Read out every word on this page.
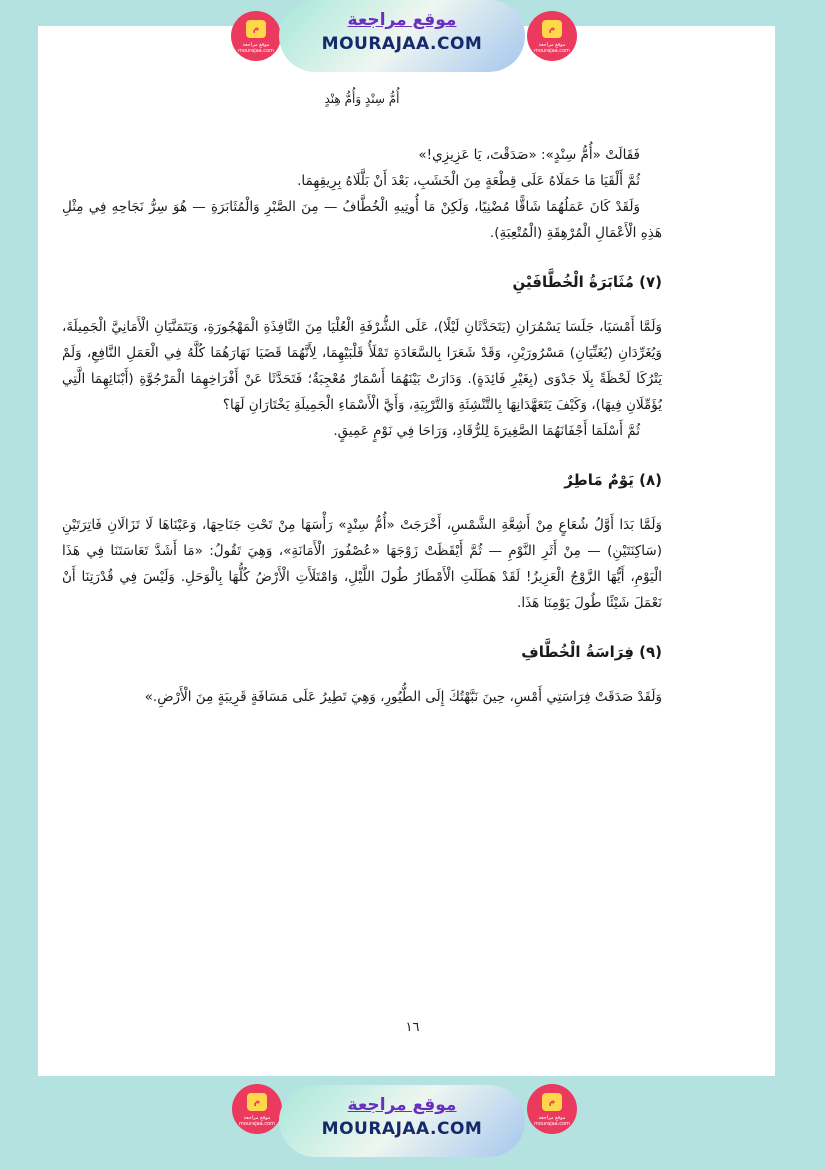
م
موقع مراجعة mourajaa.com
موقع مراجعة
MOURAJAA.COM
م
موقع مراجعة mourajaa.com
أُمُّ سِنْدٍ وَأُمُّ هِنْدٍ

فَقَالَتْ «أُمُّ سِنْدٍ»: «صَدَقْتَ، يَا عَزِيزِي!»

ثُمَّ أَلْقَيَا مَا حَمَلَاهُ عَلَى قِطْعَةٍ مِنَ الْخَشَبِ، بَعْدَ أَنْ بَلَّلَاهُ بِرِيقِهِمَا.

وَلَقَدْ كَانَ عَمَلُهُمَا شَاقًّا مُضْنِيًا، وَلَكِنْ مَا أُوتِيهِ الْخُطَّافُ — مِنَ الصَّبْرِ وَالْمُثَابَرَةِ — هُوَ سِرُّ نَجَاحِهِ فِي مِثْلِ هَذِهِ الْأَعْمَالِ الْمُرْهِقَةِ (الْمُتْعِبَةِ).

(٧) مُثَابَرَةُ الْخُطَّافَيْنِ

وَلَمَّا أَمْسَيَا، جَلَسَا يَسْمُرَانِ (يَتَحَدَّثَانِ لَيْلًا)، عَلَى الشُّرْفَةِ الْعُلْيَا مِنَ النَّافِذَةِ الْمَهْجُورَةِ، وَيَتَمَنَّيَانِ الْأَمَانِيَّ الْجَمِيلَةَ، وَيُغَرِّدَانِ (يُغَنِّيَانِ) مَسْرُورَيْنِ، وَقَدْ شَعَرَا بِالسَّعَادَةِ تَمْلَأُ قَلْبَيْهِمَا، لِأَنَّهُمَا قَضَيَا نَهَارَهُمَا كُلَّهُ فِي الْعَمَلِ النَّافِعِ، وَلَمْ يَتْرُكَا لَحْظَةً بِلَا جَدْوَى (بِغَيْرِ فَائِدَةٍ). وَدَارَتْ بَيْنَهُمَا أَسْمَارٌ مُعْجِبَةٌ؛ فَتَحَدَّثَا عَنْ أَفْرَاخِهِمَا الْمَرْجُوَّةِ (أَبْنَائِهِمَا الَّتِي يُؤَمِّلَانِ فِيهَا)، وَكَيْفَ يَتَعَهَّدَانِهَا بِالتَّنْشِئَةِ وَالتَّرْبِيَةِ، وَأَيَّ الْأَسْمَاءِ الْجَمِيلَةِ يَخْتَارَانِ لَهَا؟

ثُمَّ أَسْلَمَا أَجْفَانَهُمَا الصَّغِيرَةَ لِلرُّقَادِ، وَرَاحَا فِي نَوْمٍ عَمِيقٍ.

(٨) يَوْمٌ مَاطِرٌ

وَلَمَّا بَدَا أَوَّلُ شُعَاعٍ مِنْ أَشِعَّةِ الشَّمْسِ، أَخْرَجَتْ «أُمُّ سِنْدٍ» رَأْسَهَا مِنْ تَحْتِ جَنَاحِهَا، وَعَيْنَاهَا لَا تَزَالَانِ فَاتِرَتَيْنِ (سَاكِنَتَيْنِ) — مِنْ أَثَرِ النَّوْمِ — ثُمَّ أَيْقَظَتْ زَوْجَهَا «عُصْفُورَ الْأَمَانَةِ»، وَهِيَ تَقُولُ: «مَا أَشَدَّ تَعَاسَتَنَا فِي هَذَا الْيَوْمِ، أَيُّهَا الزَّوْجُ الْعَزِيزُ! لَقَدْ هَطَلَتِ الْأَمْطَارُ طُولَ اللَّيْلِ، وَامْتَلَأَتِ الْأَرْضُ كُلُّهَا بِالْوَحَلِ. وَلَيْسَ فِي قُدْرَتِنَا أَنْ نَعْمَلَ شَيْئًا طُولَ يَوْمِنَا هَذَا.

(٩) فِرَاسَةُ الْخُطَّافِ

وَلَقَدْ صَدَقَتْ فِرَاسَتِي أَمْسِ، حِينَ نَبَّهْتُكَ إِلَى الطُّيُورِ، وَهِيَ تَطِيرُ عَلَى مَسَافَةٍ قَرِيبَةٍ مِنَ الْأَرْضِ.»

١٦
م
موقع مراجعة mourajaa.com
موقع مراجعة
MOURAJAA.COM
م
موقع مراجعة mourajaa.com
